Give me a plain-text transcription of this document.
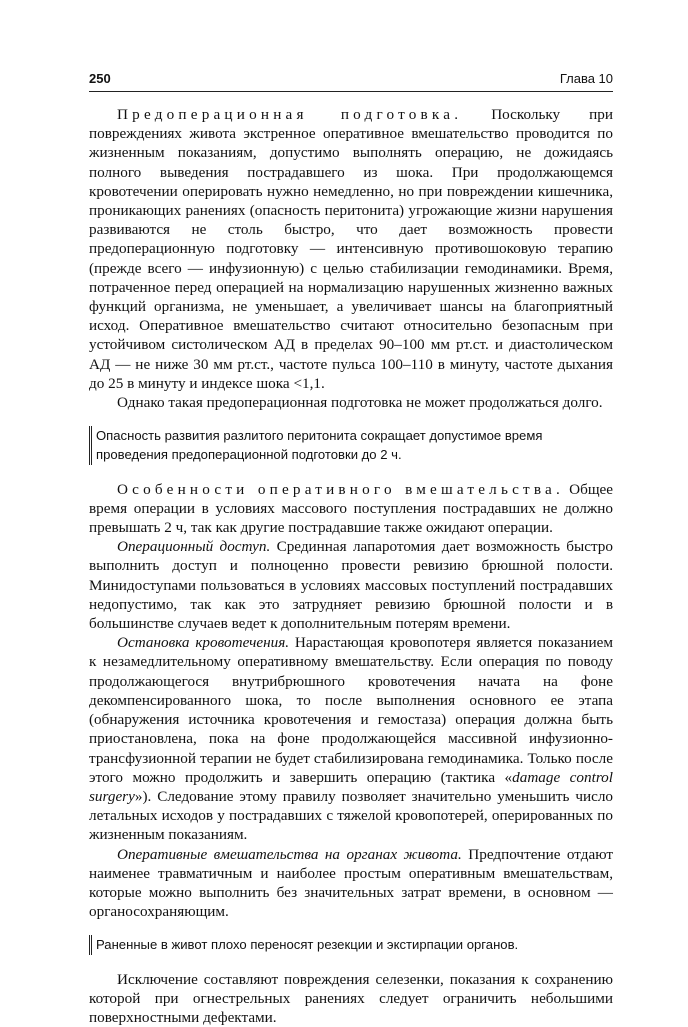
250	Глава 10

Предоперационная подготовка. Поскольку при повреждениях живота экстренное оперативное вмешательство проводится по жизненным показаниям, допустимо выполнять операцию, не дожидаясь полного выведения пострадавшего из шока. При продолжающемся кровотечении оперировать нужно немедленно, но при повреждении кишечника, проникающих ранениях (опасность перитонита) угрожающие жизни нарушения развиваются не столь быстро, что дает возможность провести предоперационную подготовку — интенсивную противошоковую терапию (прежде всего — инфузионную) с целью стабилизации гемодинамики. Время, потраченное перед операцией на нормализацию нарушенных жизненно важных функций организма, не уменьшает, а увеличивает шансы на благоприятный исход. Оперативное вмешательство считают относительно безопасным при устойчивом систолическом АД в пределах 90–100 мм рт.ст. и диастолическом АД — не ниже 30 мм рт.ст., частоте пульса 100–110 в минуту, частоте дыхания до 25 в минуту и индексе шока <1,1.

Однако такая предоперационная подготовка не может продолжаться долго.

Опасность развития разлитого перитонита сокращает допустимое время проведения предоперационной подготовки до 2 ч.

Особенности оперативного вмешательства. Общее время операции в условиях массового поступления пострадавших не должно превышать 2 ч, так как другие пострадавшие также ожидают операции.

Операционный доступ. Срединная лапаротомия дает возможность быстро выполнить доступ и полноценно провести ревизию брюшной полости. Минидоступами пользоваться в условиях массовых поступлений пострадавших недопустимо, так как это затрудняет ревизию брюшной полости и в большинстве случаев ведет к дополнительным потерям времени.

Остановка кровотечения. Нарастающая кровопотеря является показанием к незамедлительному оперативному вмешательству. Если операция по поводу продолжающегося внутрибрюшного кровотечения начата на фоне декомпенсированного шока, то после выполнения основного ее этапа (обнаружения источника кровотечения и гемостаза) операция должна быть приостановлена, пока на фоне продолжающейся массивной инфузионно-трансфузионной терапии не будет стабилизирована гемодинамика. Только после этого можно продолжить и завершить операцию (тактика «damage control surgery»). Следование этому правилу позволяет значительно уменьшить число летальных исходов у пострадавших с тяжелой кровопотерей, оперированных по жизненным показаниям.

Оперативные вмешательства на органах живота. Предпочтение отдают наименее травматичным и наиболее простым оперативным вмешательствам, которые можно выполнить без значительных затрат времени, в основном — органосохраняющим.

Раненные в живот плохо переносят резекции и экстирпации органов.

Исключение составляют повреждения селезенки, показания к сохранению которой при огнестрельных ранениях следует ограничить небольшими поверхностными дефектами.
